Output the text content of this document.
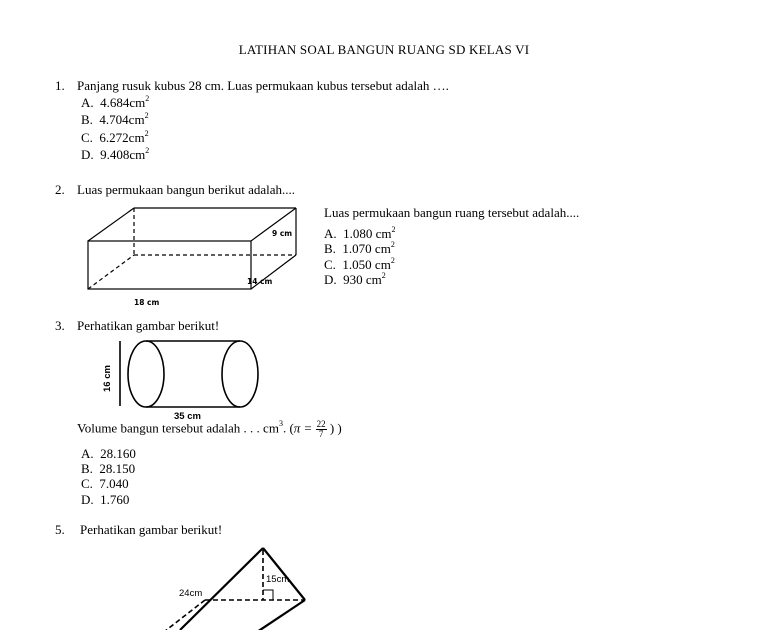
LATIHAN SOAL BANGUN RUANG SD KELAS VI
1. Panjang rusuk kubus 28 cm. Luas permukaan kubus tersebut adalah ….
A. $4.684cm^2$
B. $4.704cm^2$
C. $6.272cm^2$
D. $9.408cm^2$
2. Luas permukaan bangun berikut adalah....
9 cm
14 cm
18 cm
Luas permukaan bangun ruang tersebut adalah....
A. 1.080 $cm^2$
B. 1.070 $cm^2$
C. 1.050 $cm^2$
D. 930 $cm^2$
3. Perhatikan gambar berikut!
16 cm
35 cm
Volume bangun tersebut adalah . . . $cm^3$. ($\pi = \frac{22}{7}$ ) )
A. 28.160
B. 28.150
C. 7.040
D. 1.760
5. Perhatikan gambar berikut!
24cm
15cm
